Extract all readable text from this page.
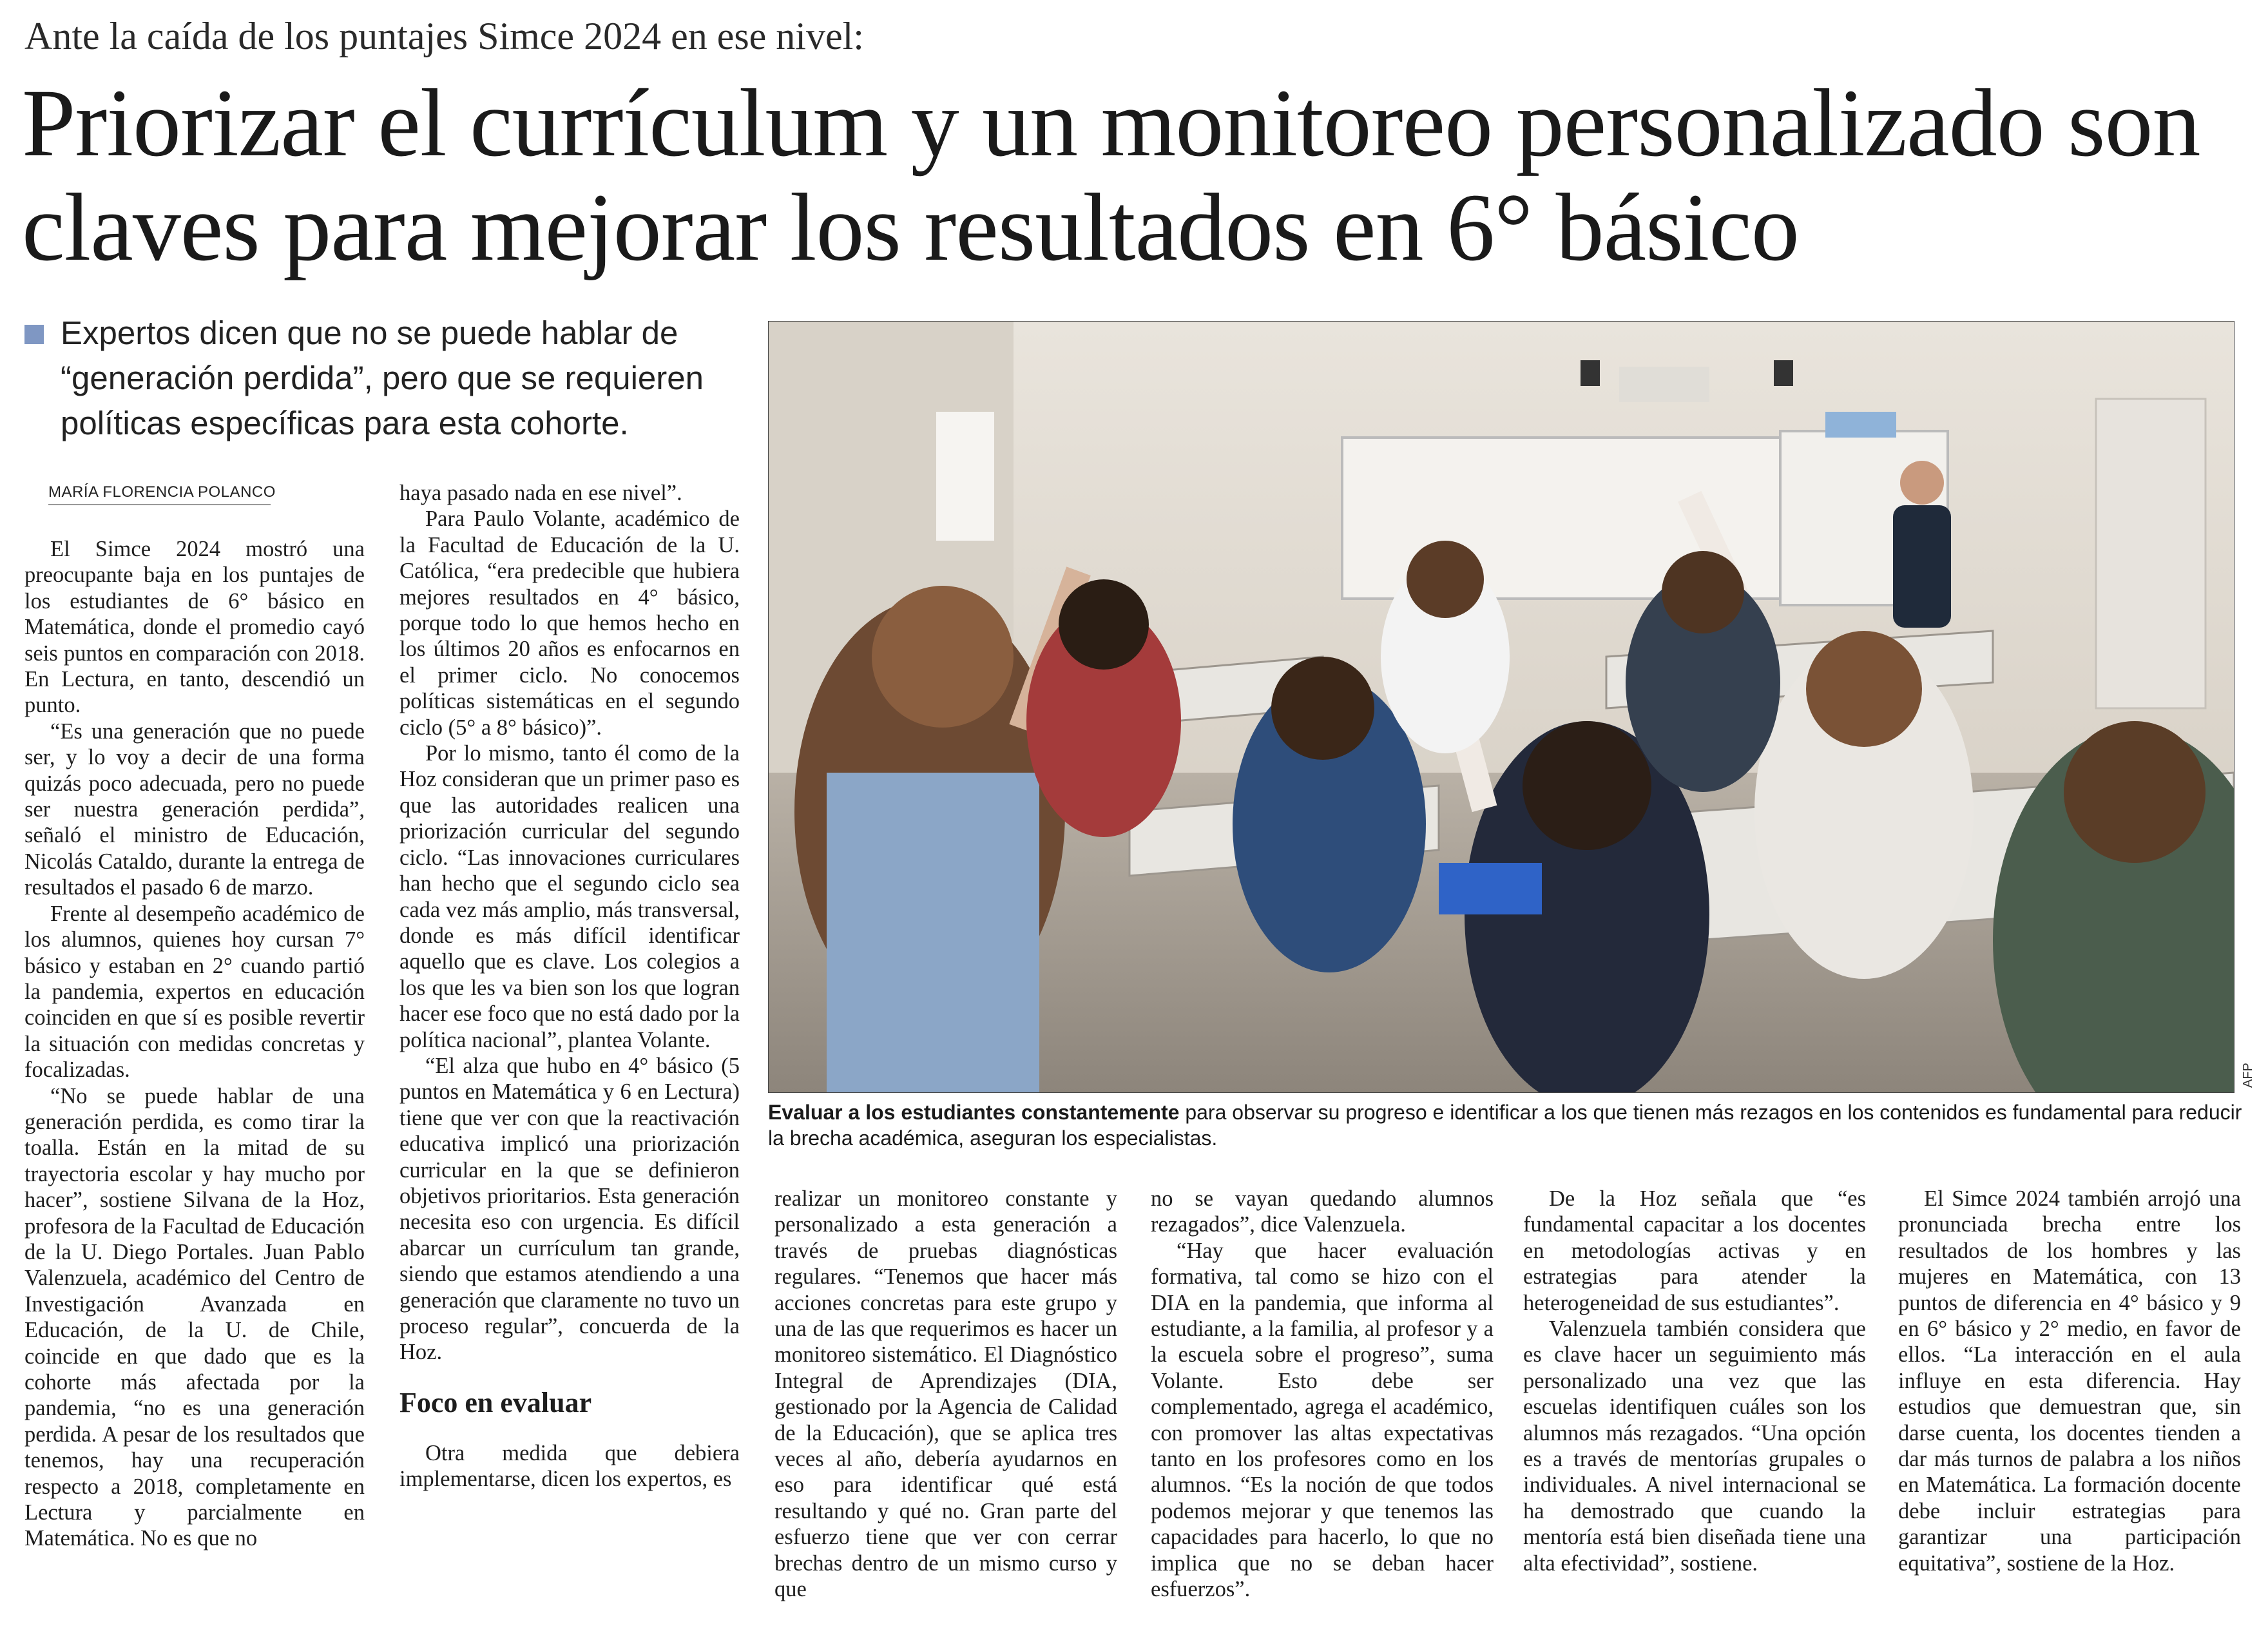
Ante la caída de los puntajes Simce 2024 en ese nivel:
Priorizar el currículum y un monitoreo personalizado son claves para mejorar los resultados en 6° básico
Expertos dicen que no se puede hablar de “generación perdida”, pero que se requieren políticas específicas para esta cohorte.
MARÍA FLORENCIA POLANCO

El Simce 2024 mostró una preocupante baja en los puntajes de los estudiantes de 6° básico en Matemática, donde el promedio cayó seis puntos en comparación con 2018. En Lectura, en tanto, descendió un punto.

“Es una generación que no puede ser, y lo voy a decir de una forma quizás poco adecuada, pero no puede ser nuestra generación perdida”, señaló el ministro de Educación, Nicolás Cataldo, durante la entrega de resultados el pasado 6 de marzo.

Frente al desempeño académico de los alumnos, quienes hoy cursan 7° básico y estaban en 2° cuando partió la pandemia, expertos en educación coinciden en que sí es posible revertir la situación con medidas concretas y focalizadas.

“No se puede hablar de una generación perdida, es como tirar la toalla. Están en la mitad de su trayectoria escolar y hay mucho por hacer”, sostiene Silvana de la Hoz, profesora de la Facultad de Educación de la U. Diego Portales. Juan Pablo Valenzuela, académico del Centro de Investigación Avanzada en Educación, de la U. de Chile, coincide en que dado que es la cohorte más afectada por la pandemia, “no es una generación perdida. A pesar de los resultados que tenemos, hay una recuperación respecto a 2018, completamente en Lectura y parcialmente en Matemática. No es que no

haya pasado nada en ese nivel”.

Para Paulo Volante, académico de la Facultad de Educación de la U. Católica, “era predecible que hubiera mejores resultados en 4° básico, porque todo lo que hemos hecho en los últimos 20 años es enfocarnos en el primer ciclo. No conocemos políticas sistemáticas en el segundo ciclo (5° a 8° básico)”.

Por lo mismo, tanto él como de la Hoz consideran que un primer paso es que las autoridades realicen una priorización curricular del segundo ciclo. “Las innovaciones curriculares han hecho que el segundo ciclo sea cada vez más amplio, más transversal, donde es más difícil identificar aquello que es clave. Los colegios a los que les va bien son los que logran hacer ese foco que no está dado por la política nacional”, plantea Volante.

“El alza que hubo en 4° básico (5 puntos en Matemática y 6 en Lectura) tiene que ver con que la reactivación educativa implicó una priorización curricular en la que se definieron objetivos prioritarios. Esta generación necesita eso con urgencia. Es difícil abarcar un currículum tan grande, siendo que estamos atendiendo a una generación que claramente no tuvo un proceso regular”, concuerda de la Hoz.

Foco en evaluar

Otra medida que debiera implementarse, dicen los expertos, es

AFP
Evaluar a los estudiantes constantemente para observar su progreso e identificar a los que tienen más rezagos en los contenidos es fundamental para reducir la brecha académica, aseguran los especialistas.

realizar un monitoreo constante y personalizado a esta generación a través de pruebas diagnósticas regulares. “Tenemos que hacer más acciones concretas para este grupo y una de las que requerimos es hacer un monitoreo sistemático. El Diagnóstico Integral de Aprendizajes (DIA, gestionado por la Agencia de Calidad de la Educación), que se aplica tres veces al año, debería ayudarnos en eso para identificar qué está resultando y qué no. Gran parte del esfuerzo tiene que ver con cerrar brechas dentro de un mismo curso y que

no se vayan quedando alumnos rezagados”, dice Valenzuela.

“Hay que hacer evaluación formativa, tal como se hizo con el DIA en la pandemia, que informa al estudiante, a la familia, al profesor y a la escuela sobre el progreso”, suma Volante. Esto debe ser complementado, agrega el académico, con promover las altas expectativas tanto en los profesores como en los alumnos. “Es la noción de que todos podemos mejorar y que tenemos las capacidades para hacerlo, lo que no implica que no se deban hacer esfuerzos”.

De la Hoz señala que “es fundamental capacitar a los docentes en metodologías activas y en estrategias para atender la heterogeneidad de sus estudiantes”.

Valenzuela también considera que es clave hacer un seguimiento más personalizado una vez que las escuelas identifiquen cuáles son los alumnos más rezagados. “Una opción es a través de mentorías grupales o individuales. A nivel internacional se ha demostrado que cuando la mentoría está bien diseñada tiene una alta efectividad”, sostiene.

El Simce 2024 también arrojó una pronunciada brecha entre los resultados de los hombres y las mujeres en Matemática, con 13 puntos de diferencia en 4° básico y 9 en 6° básico y 2° medio, en favor de ellos. “La interacción en el aula influye en esta diferencia. Hay estudios que demuestran que, sin darse cuenta, los docentes tienden a dar más turnos de palabra a los niños en Matemática. La formación docente debe incluir estrategias para garantizar una participación equitativa”, sostiene de la Hoz.
